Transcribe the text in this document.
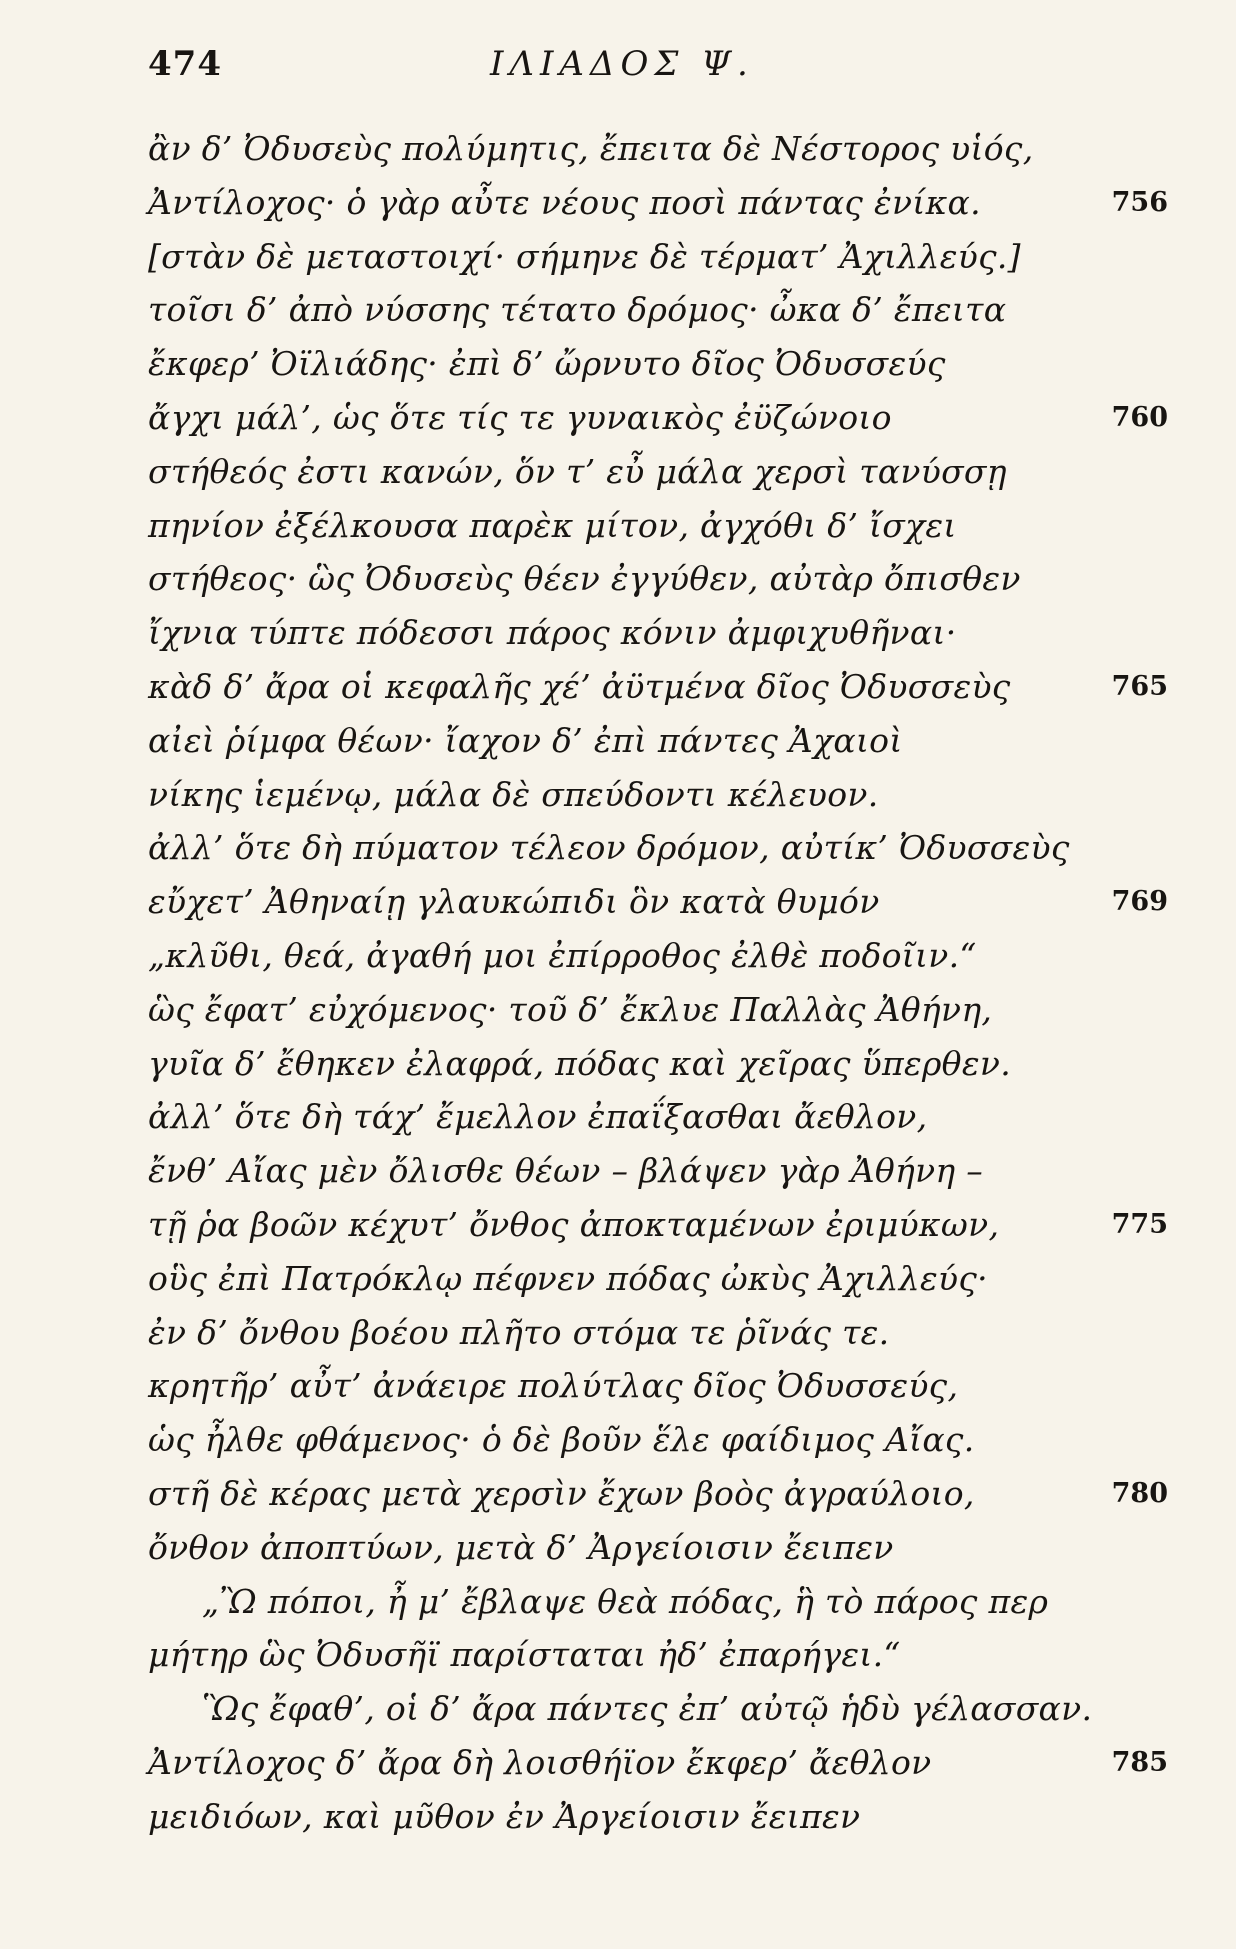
474	ΙΛΙΑΔΟΣ Ψ.
ἂν δ’ Ὀδυσεὺς πολύμητις, ἔπειτα δὲ Νέστορος υἱός,
Ἀντίλοχος· ὁ γὰρ αὖτε νέους ποσὶ πάντας ἐνίκα.	756
[στὰν δὲ μεταστοιχί· σήμηνε δὲ τέρματ’ Ἀχιλλεύς.]
τοῖσι δ’ ἀπὸ νύσσης τέτατο δρόμος· ὦκα δ’ ἔπειτα
ἔκφερ’ Ὀϊλιάδης· ἐπὶ δ’ ὤρνυτο δῖος Ὀδυσσεύς
ἄγχι μάλ’, ὡς ὅτε τίς τε γυναικὸς ἐϋζώνοιο	760
στήθεός ἐστι κανών, ὅν τ’ εὖ μάλα χερσὶ τανύσσῃ
πηνίον ἐξέλκουσα παρὲκ μίτον, ἀγχόθι δ’ ἴσχει
στήθεος· ὣς Ὀδυσεὺς θέεν ἐγγύθεν, αὐτὰρ ὄπισθεν
ἴχνια τύπτε πόδεσσι πάρος κόνιν ἀμφιχυθῆναι·
κὰδ δ’ ἄρα οἱ κεφαλῆς χέ’ ἀϋτμένα δῖος Ὀδυσσεὺς	765
αἰεὶ ῥίμφα θέων· ἴαχον δ’ ἐπὶ πάντες Ἀχαιοὶ
νίκης ἱεμένῳ, μάλα δὲ σπεύδοντι κέλευον.
ἀλλ’ ὅτε δὴ πύματον τέλεον δρόμον, αὐτίκ’ Ὀδυσσεὺς
εὔχετ’ Ἀθηναίῃ γλαυκώπιδι ὃν κατὰ θυμόν	769
„κλῦθι, θεά, ἀγαθή μοι ἐπίρροθος ἐλθὲ ποδοῖιν.“
ὣς ἔφατ’ εὐχόμενος· τοῦ δ’ ἔκλυε Παλλὰς Ἀθήνη,
γυῖα δ’ ἔθηκεν ἐλαφρά, πόδας καὶ χεῖρας ὕπερθεν.
ἀλλ’ ὅτε δὴ τάχ’ ἔμελλον ἐπαΐξασθαι ἄεθλον,
ἔνθ’ Αἴας μὲν ὄλισθε θέων – βλάψεν γὰρ Ἀθήνη –
τῇ ῥα βοῶν κέχυτ’ ὄνθος ἀποκταμένων ἐριμύκων,	775
οὓς ἐπὶ Πατρόκλῳ πέφνεν πόδας ὠκὺς Ἀχιλλεύς·
ἐν δ’ ὄνθου βοέου πλῆτο στόμα τε ῥῖνάς τε.
κρητῆρ’ αὖτ’ ἀνάειρε πολύτλας δῖος Ὀδυσσεύς,
ὡς ἦλθε φθάμενος· ὁ δὲ βοῦν ἕλε φαίδιμος Αἴας.
στῆ δὲ κέρας μετὰ χερσὶν ἔχων βοὸς ἀγραύλοιο,	780
ὄνθον ἀποπτύων, μετὰ δ’ Ἀργείοισιν ἔειπεν
„Ὢ πόποι, ἦ μ’ ἔβλαψε θεὰ πόδας, ἣ τὸ πάρος περ
μήτηρ ὣς Ὀδυσῆϊ παρίσταται ἠδ’ ἐπαρήγει.“
Ὣς ἔφαθ’, οἱ δ’ ἄρα πάντες ἐπ’ αὐτῷ ἡδὺ γέλασσαν.
Ἀντίλοχος δ’ ἄρα δὴ λοισθήϊον ἔκφερ’ ἄεθλον	785
μειδιόων, καὶ μῦθον ἐν Ἀργείοισιν ἔειπεν
